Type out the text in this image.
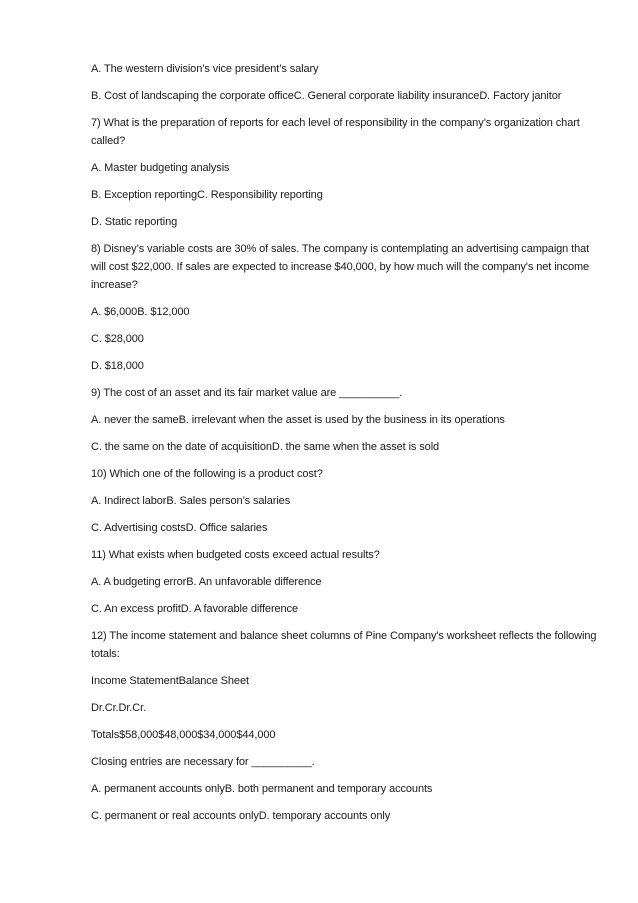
A. The western division’s vice president’s salary
B. Cost of landscaping the corporate officeC. General corporate liability insuranceD. Factory janitor
7) What is the preparation of reports for each level of responsibility in the company’s organization chart called?
A. Master budgeting analysis
B. Exception reportingC. Responsibility reporting
D. Static reporting
8) Disney’s variable costs are 30% of sales. The company is contemplating an advertising campaign that will cost $22,000. If sales are expected to increase $40,000, by how much will the company's net income increase?
A. $6,000B. $12,000
C. $28,000
D. $18,000
9) The cost of an asset and its fair market value are __________.
A. never the sameB. irrelevant when the asset is used by the business in its operations
C. the same on the date of acquisitionD. the same when the asset is sold
10) Which one of the following is a product cost?
A. Indirect laborB. Sales person’s salaries
C. Advertising costsD. Office salaries
11) What exists when budgeted costs exceed actual results?
A. A budgeting errorB. An unfavorable difference
C. An excess profitD. A favorable difference
12) The income statement and balance sheet columns of Pine Company's worksheet reflects the following totals:
Income StatementBalance Sheet
Dr.Cr.Dr.Cr.
Totals$58,000$48,000$34,000$44,000
Closing entries are necessary for __________.
A. permanent accounts onlyB. both permanent and temporary accounts
C. permanent or real accounts onlyD. temporary accounts only
